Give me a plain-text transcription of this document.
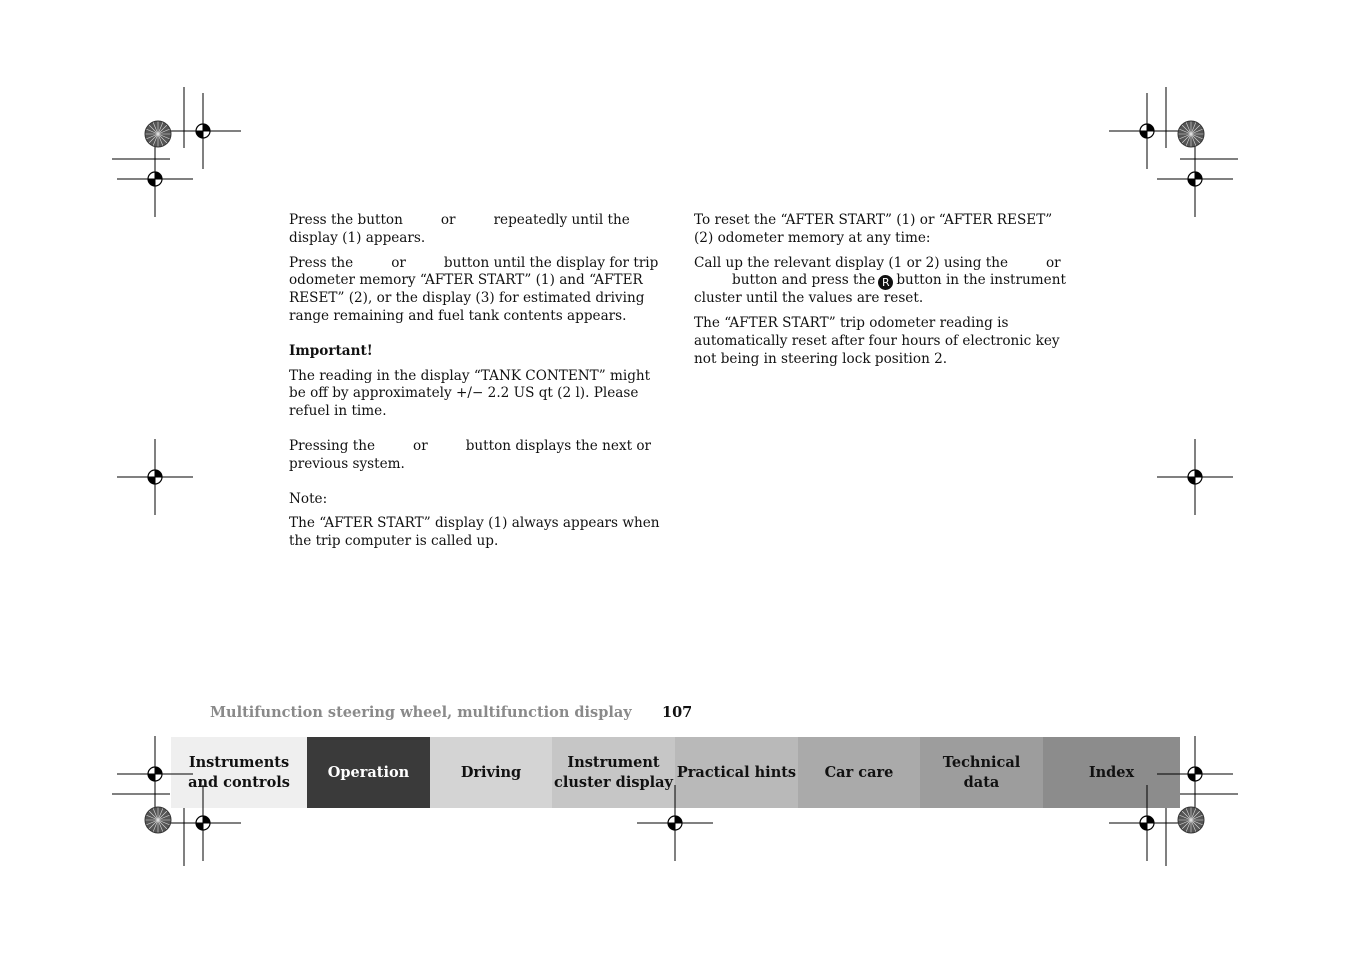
Press the button	or	repeatedly until the display (1) appears.

Press the	or	button until the display for trip odometer memory “AFTER START” (1) and “AFTER RESET” (2), or the display (3) for estimated driving range remaining and fuel tank contents appears.

Important!

The reading in the display “TANK CONTENT” might be off by approximately +/− 2.2 US qt (2 l). Please refuel in time.

Pressing the	or	button displays the next or previous system.

Note:

The “AFTER START” display (1) always appears when the trip computer is called up.

To reset the “AFTER START” (1) or “AFTER RESET” (2) odometer memory at any time:

Call up the relevant display (1 or 2) using the	orbutton and press the R button in the instrument cluster until the values are reset.

The “AFTER START” trip odometer reading is automatically reset after four hours of electronic key not being in steering lock position 2.

Multifunction steering wheel, multifunction display 107
Instruments
and controls
Operation	Driving
Instrument
cluster display
Practical hints	Car care
Technical
data
Index
